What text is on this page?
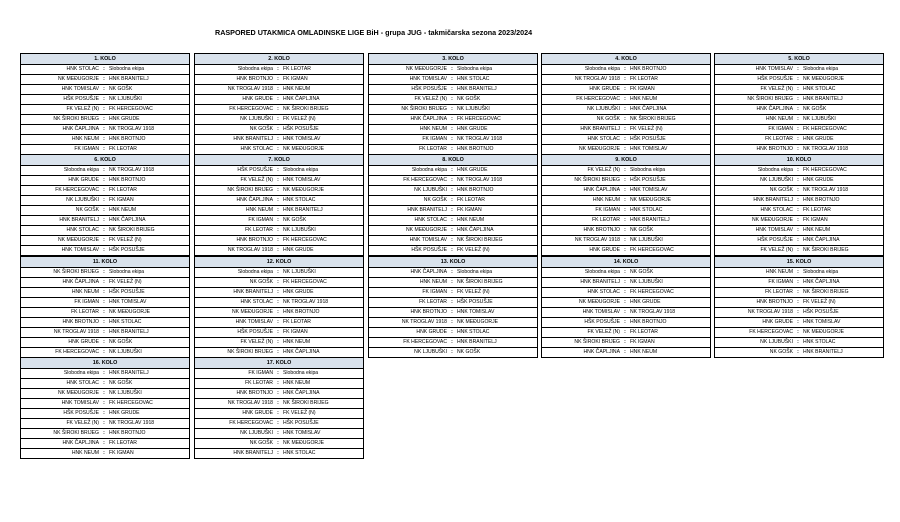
RASPORED UTAKMICA OMLADINSKE LIGE BiH - grupa JUG - takmičarska sezona 2023/2024
1. KOLO
HNK STOLAC : Slobodna ekipa
NK MEĐUGORJE : HNK BRANITELJ
HNK TOMISLAV : NK GOŠK
HŠK POSUŠJE : NK LJUBUŠKI
FK VELEŽ (N) : FK HERCEGOVAC
NK ŠIROKI BRIJEG : HNK GRUDE
HNK ČAPLJINA : NK TROGLAV 1918
HNK NEUM : HNK BROTNJO
FK IGMAN : FK LEOTAR
2. KOLO
Slobodna ekipa : FK LEOTAR
HNK BROTNJO : FK IGMAN
NK TROGLAV 1918 : HNK NEUM
HNK GRUDE : HNK ČAPLJINA
FK HERCEGOVAC : NK ŠIROKI BRIJEG
NK LJUBUŠKI : FK VELEŽ (N)
NK GOŠK : HŠK POSUŠJE
HNK BRANITELJ : HNK TOMISLAV
HNK STOLAC : NK MEĐUGORJE
3. KOLO
NK MEĐUGORJE : Slobodna ekipa
HNK TOMISLAV : HNK STOLAC
HŠK POSUŠJE : HNK BRANITELJ
FK VELEŽ (N) : NK GOŠK
NK ŠIROKI BRIJEG : NK LJUBUŠKI
HNK ČAPLJINA : FK HERCEGOVAC
HNK NEUM : HNK GRUDE
FK IGMAN : NK TROGLAV 1918
FK LEOTAR : HNK BROTNJO
4. KOLO
Slobodna ekipa : HNK BROTNJO
NK TROGLAV 1918 : FK LEOTAR
HNK GRUDE : FK IGMAN
FK HERCEGOVAC : HNK NEUM
NK LJUBUŠKI : HNK ČAPLJINA
NK GOŠK : NK ŠIROKI BRIJEG
HNK BRANITELJ : FK VELEŽ (N)
HNK STOLAC : HŠK POSUŠJE
NK MEĐUGORJE : HNK TOMISLAV
5. KOLO
HNK TOMISLAV : Slobodna ekipa
HŠK POSUŠJE : NK MEĐUGORJE
FK VELEŽ (N) : HNK STOLAC
NK ŠIROKI BRIJEG : HNK BRANITELJ
HNK ČAPLJINA : NK GOŠK
HNK NEUM : NK LJUBUŠKI
FK IGMAN : FK HERCEGOVAC
FK LEOTAR : HNK GRUDE
HNK BROTNJO : NK TROGLAV 1918
6. KOLO
Slobodna ekipa : NK TROGLAV 1918
HNK GRUDE : HNK BROTNJO
FK HERCEGOVAC : FK LEOTAR
NK LJUBUŠKI : FK IGMAN
NK GOŠK : HNK NEUM
HNK BRANITELJ : HNK ČAPLJINA
HNK STOLAC : NK ŠIROKI BRIJEG
NK MEĐUGORJE : FK VELEŽ (N)
HNK TOMISLAV : HŠK POSUŠJE
7. KOLO
HŠK POSUŠJE : Slobodna ekipa
FK VELEŽ (N) : HNK TOMISLAV
NK ŠIROKI BRIJEG : NK MEĐUGORJE
HNK ČAPLJINA : HNK STOLAC
HNK NEUM : HNK BRANITELJ
FK IGMAN : NK GOŠK
FK LEOTAR : NK LJUBUŠKI
HNK BROTNJO : FK HERCEGOVAC
NK TROGLAV 1918 : HNK GRUDE
8. KOLO
Slobodna ekipa : HNK GRUDE
FK HERCEGOVAC : NK TROGLAV 1918
NK LJUBUŠKI : HNK BROTNJO
NK GOŠK : FK LEOTAR
HNK BRANITELJ : FK IGMAN
HNK STOLAC : HNK NEUM
NK MEĐUGORJE : HNK ČAPLJINA
HNK TOMISLAV : NK ŠIROKI BRIJEG
HŠK POSUŠJE : FK VELEŽ (N)
9. KOLO
FK VELEŽ (N) : Slobodna ekipa
NK ŠIROKI BRIJEG : HŠK POSUŠJE
HNK ČAPLJINA : HNK TOMISLAV
HNK NEUM : NK MEĐUGORJE
FK IGMAN : HNK STOLAC
FK LEOTAR : HNK BRANITELJ
HNK BROTNJO : NK GOŠK
NK TROGLAV 1918 : NK LJUBUŠKI
HNK GRUDE : FK HERCEGOVAC
10. KOLO
Slobodna ekipa : FK HERCEGOVAC
NK LJUBUŠKI : HNK GRUDE
NK GOŠK : NK TROGLAV 1918
HNK BRANITELJ : HNK BROTNJO
HNK STOLAC : FK LEOTAR
NK MEĐUGORJE : FK IGMAN
HNK TOMISLAV : HNK NEUM
HŠK POSUŠJE : HNK ČAPLJINA
FK VELEŽ (N) : NK ŠIROKI BRIJEG
11. KOLO
NK ŠIROKI BRIJEG : Slobodna ekipa
HNK ČAPLJINA : FK VELEŽ (N)
HNK NEUM : HŠK POSUŠJE
FK IGMAN : HNK TOMISLAV
FK LEOTAR : NK MEĐUGORJE
HNK BROTNJO : HNK STOLAC
NK TROGLAV 1918 : HNK BRANITELJ
HNK GRUDE : NK GOŠK
FK HERCEGOVAC : NK LJUBUŠKI
12. KOLO
Slobodna ekipa : NK LJUBUŠKI
NK GOŠK : FK HERCEGOVAC
HNK BRANITELJ : HNK GRUDE
HNK STOLAC : NK TROGLAV 1918
NK MEĐUGORJE : HNK BROTNJO
HNK TOMISLAV : FK LEOTAR
HŠK POSUŠJE : FK IGMAN
FK VELEŽ (N) : HNK NEUM
NK ŠIROKI BRIJEG : HNK ČAPLJINA
13. KOLO
HNK ČAPLJINA : Slobodna ekipa
HNK NEUM : NK ŠIROKI BRIJEG
FK IGMAN : FK VELEŽ (N)
FK LEOTAR : HŠK POSUŠJE
HNK BROTNJO : HNK TOMISLAV
NK TROGLAV 1918 : NK MEĐUGORJE
HNK GRUDE : HNK STOLAC
FK HERCEGOVAC : HNK BRANITELJ
NK LJUBUŠKI : NK GOŠK
14. KOLO
Slobodna ekipa : NK GOŠK
HNK BRANITELJ : NK LJUBUŠKI
HNK STOLAC : FK HERCEGOVAC
NK MEĐUGORJE : HNK GRUDE
HNK TOMISLAV : NK TROGLAV 1918
HŠK POSUŠJE : HNK BROTNJO
FK VELEŽ (N) : FK LEOTAR
NK ŠIROKI BRIJEG : FK IGMAN
HNK ČAPLJINA : HNK NEUM
15. KOLO
HNK NEUM : Slobodna ekipa
FK IGMAN : HNK ČAPLJINA
FK LEOTAR : NK ŠIROKI BRIJEG
HNK BROTNJO : FK VELEŽ (N)
NK TROGLAV 1918 : HŠK POSUŠJE
HNK GRUDE : HNK TOMISLAV
FK HERCEGOVAC : NK MEĐUGORJE
NK LJUBUŠKI : HNK STOLAC
NK GOŠK : HNK BRANITELJ
16. KOLO
Slobodna ekipa : HNK BRANITELJ
HNK STOLAC : NK GOŠK
NK MEĐUGORJE : NK LJUBUŠKI
HNK TOMISLAV : FK HERCEGOVAC
HŠK POSUŠJE : HNK GRUDE
FK VELEŽ (N) : NK TROGLAV 1918
NK ŠIROKI BRIJEG : HNK BROTNJO
HNK ČAPLJINA : FK LEOTAR
HNK NEUM : FK IGMAN
17. KOLO
FK IGMAN : Slobodna ekipa
FK LEOTAR : HNK NEUM
HNK BROTNJO : HNK ČAPLJINA
NK TROGLAV 1918 : NK ŠIROKI BRIJEG
HNK GRUDE : FK VELEŽ (N)
FK HERCEGOVAC : HŠK POSUŠJE
NK LJUBUŠKI : HNK TOMISLAV
NK GOŠK : NK MEĐUGORJE
HNK BRANITELJ : HNK STOLAC
